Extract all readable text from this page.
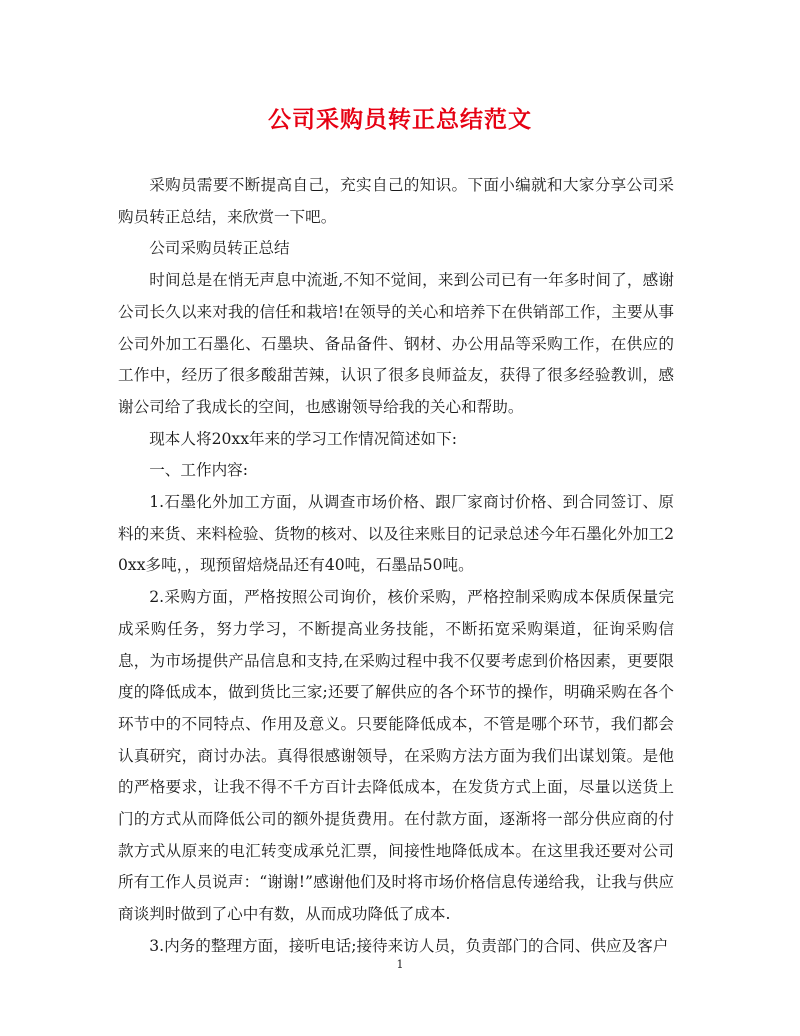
公司采购员转正总结范文

采购员需要不断提高自己，充实自己的知识。下面小编就和大家分享公司采购员转正总结，来欣赏一下吧。

公司采购员转正总结

时间总是在悄无声息中流逝,不知不觉间，来到公司已有一年多时间了，感谢公司长久以来对我的信任和栽培!在领导的关心和培养下在供销部工作，主要从事公司外加工石墨化、石墨块、备品备件、钢材、办公用品等采购工作，在供应的工作中，经历了很多酸甜苦辣，认识了很多良师益友，获得了很多经验教训，感谢公司给了我成长的空间，也感谢领导给我的关心和帮助。

现本人将20xx年来的学习工作情况简述如下:

一、工作内容:

1.石墨化外加工方面，从调查市场价格、跟厂家商讨价格、到合同签订、原料的来货、来料检验、货物的核对、以及往来账目的记录总述今年石墨化外加工20xx多吨，，现预留焙烧品还有40吨，石墨品50吨。

2.采购方面，严格按照公司询价，核价采购，严格控制采购成本保质保量完成采购任务，努力学习，不断提高业务技能，不断拓宽采购渠道，征询采购信息，为市场提供产品信息和支持,在采购过程中我不仅要考虑到价格因素，更要限度的降低成本，做到货比三家;还要了解供应的各个环节的操作，明确采购在各个环节中的不同特点、作用及意义。只要能降低成本，不管是哪个环节，我们都会认真研究，商讨办法。真得很感谢领导，在采购方法方面为我们出谋划策。是他的严格要求，让我不得不千方百计去降低成本，在发货方式上面，尽量以送货上门的方式从而降低公司的额外提货费用。在付款方面，逐渐将一部分供应商的付款方式从原来的电汇转变成承兑汇票，间接性地降低成本。在这里我还要对公司所有工作人员说声：“谢谢!”感谢他们及时将市场价格信息传递给我，让我与供应商谈判时做到了心中有数，从而成功降低了成本.

3.内务的整理方面，接听电话;接待来访人员，负责部门的合同、供应及客户

1
